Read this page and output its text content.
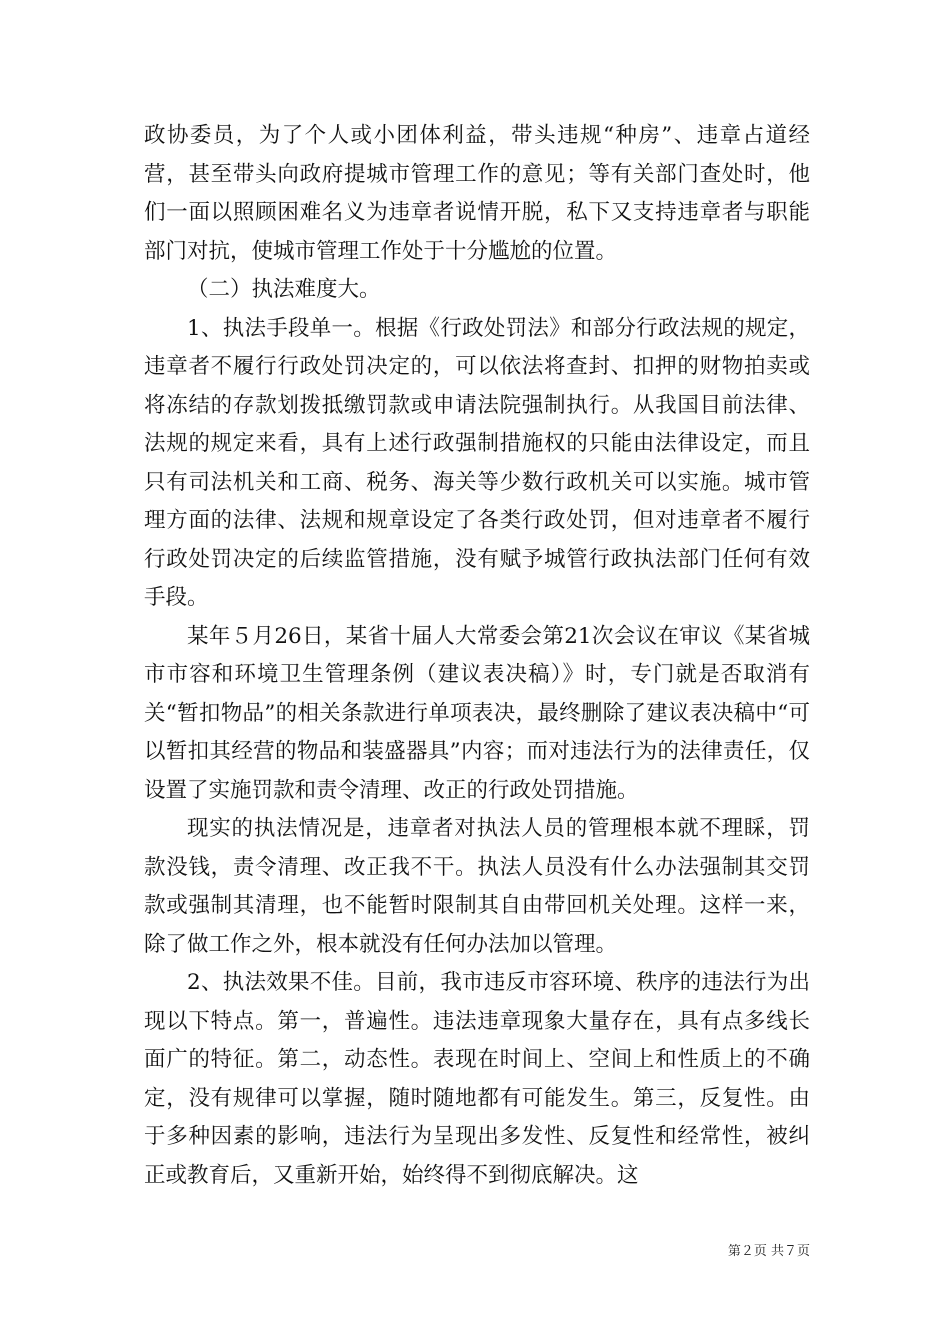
政协委员，为了个人或小团体利益，带头违规“种房”、违章占道经营，甚至带头向政府提城市管理工作的意见；等有关部门查处时，他们一面以照顾困难名义为违章者说情开脱，私下又支持违章者与职能部门对抗，使城市管理工作处于十分尴尬的位置。

（二）执法难度大。

1、执法手段单一。根据《行政处罚法》和部分行政法规的规定，违章者不履行行政处罚决定的，可以依法将查封、扣押的财物拍卖或将冻结的存款划拨抵缴罚款或申请法院强制执行。从我国目前法律、法规的规定来看，具有上述行政强制措施权的只能由法律设定，而且只有司法机关和工商、税务、海关等少数行政机关可以实施。城市管理方面的法律、法规和规章设定了各类行政处罚，但对违章者不履行行政处罚决定的后续监管措施，没有赋予城管行政执法部门任何有效手段。

某年５月26日，某省十届人大常委会第21次会议在审议《某省城市市容和环境卫生管理条例（建议表决稿）》时，专门就是否取消有关“暂扣物品”的相关条款进行单项表决，最终删除了建议表决稿中“可以暂扣其经营的物品和装盛器具”内容；而对违法行为的法律责任，仅设置了实施罚款和责令清理、改正的行政处罚措施。

现实的执法情况是，违章者对执法人员的管理根本就不理睬，罚款没钱，责令清理、改正我不干。执法人员没有什么办法强制其交罚款或强制其清理，也不能暂时限制其自由带回机关处理。这样一来，除了做工作之外，根本就没有任何办法加以管理。

2、执法效果不佳。目前，我市违反市容环境、秩序的违法行为出现以下特点。第一，普遍性。违法违章现象大量存在，具有点多线长面广的特征。第二，动态性。表现在时间上、空间上和性质上的不确定，没有规律可以掌握，随时随地都有可能发生。第三，反复性。由于多种因素的影响，违法行为呈现出多发性、反复性和经常性，被纠正或教育后，又重新开始，始终得不到彻底解决。这

第２页 共７页
